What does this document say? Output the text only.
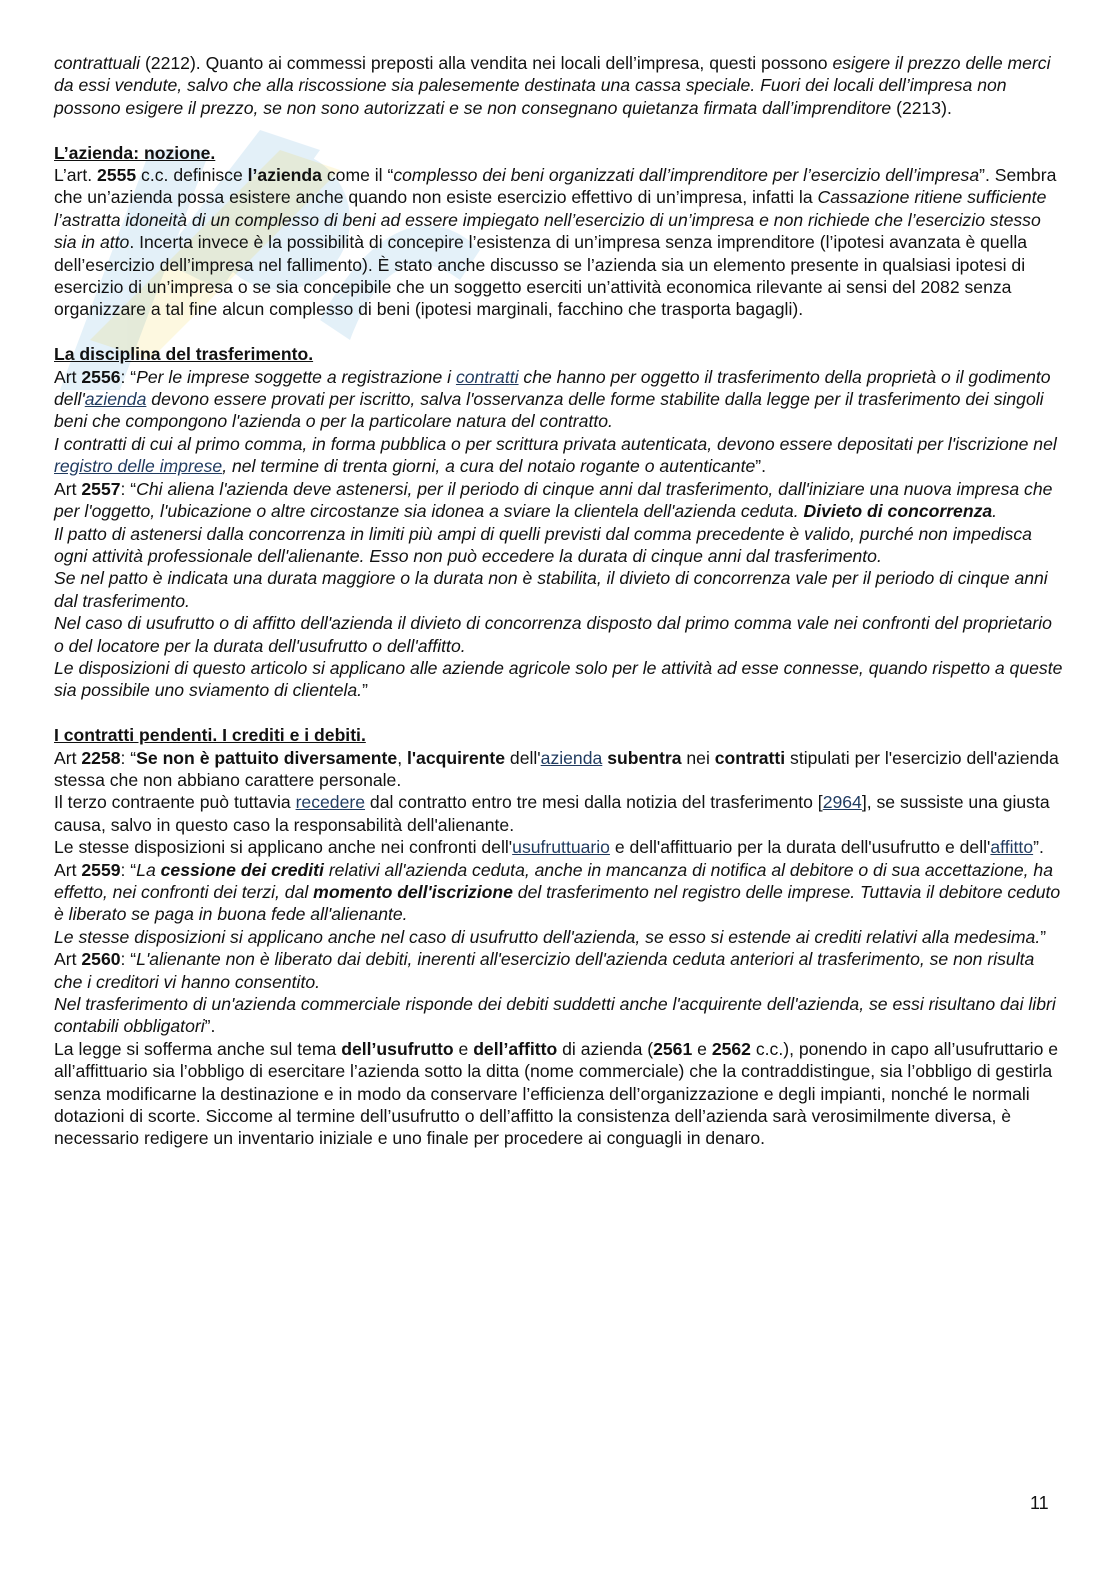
contrattuali (2212). Quanto ai commessi preposti alla vendita nei locali dell’impresa, questi possono esigere il prezzo delle merci da essi vendute, salvo che alla riscossione sia palesemente destinata una cassa speciale. Fuori dei locali dell’impresa non possono esigere il prezzo, se non sono autorizzati e se non consegnano quietanza firmata dall’imprenditore (2213).

L’azienda: nozione.

L’art. 2555 c.c. definisce l’azienda come il “complesso dei beni organizzati dall’imprenditore per l’esercizio dell’impresa”. Sembra che un’azienda possa esistere anche quando non esiste esercizio effettivo di un’impresa, infatti la Cassazione ritiene sufficiente l’astratta idoneità di un complesso di beni ad essere impiegato nell’esercizio di un’impresa e non richiede che l’esercizio stesso sia in atto. Incerta invece è la possibilità di concepire l’esistenza di un’impresa senza imprenditore (l’ipotesi avanzata è quella dell’esercizio dell’impresa nel fallimento). È stato anche discusso se l’azienda sia un elemento presente in qualsiasi ipotesi di esercizio di un’impresa o se sia concepibile che un soggetto eserciti un’attività economica rilevante ai sensi del 2082 senza organizzare a tal fine alcun complesso di beni (ipotesi marginali, facchino che trasporta bagagli).

La disciplina del trasferimento.

Art 2556: “Per le imprese soggette a registrazione i contratti che hanno per oggetto il trasferimento della proprietà o il godimento dell'azienda devono essere provati per iscritto, salva l'osservanza delle forme stabilite dalla legge per il trasferimento dei singoli beni che compongono l'azienda o per la particolare natura del contratto.

I contratti di cui al primo comma, in forma pubblica o per scrittura privata autenticata, devono essere depositati per l'iscrizione nel registro delle imprese, nel termine di trenta giorni, a cura del notaio rogante o autenticante”.

Art 2557: “Chi aliena l'azienda deve astenersi, per il periodo di cinque anni dal trasferimento, dall'iniziare una nuova impresa che per l'oggetto, l'ubicazione o altre circostanze sia idonea a sviare la clientela dell'azienda ceduta. Divieto di concorrenza.

Il patto di astenersi dalla concorrenza in limiti più ampi di quelli previsti dal comma precedente è valido, purché non impedisca ogni attività professionale dell'alienante. Esso non può eccedere la durata di cinque anni dal trasferimento.

Se nel patto è indicata una durata maggiore o la durata non è stabilita, il divieto di concorrenza vale per il periodo di cinque anni dal trasferimento.

Nel caso di usufrutto o di affitto dell'azienda il divieto di concorrenza disposto dal primo comma vale nei confronti del proprietario o del locatore per la durata dell'usufrutto o dell'affitto.

Le disposizioni di questo articolo si applicano alle aziende agricole solo per le attività ad esse connesse, quando rispetto a queste sia possibile uno sviamento di clientela.”

I contratti pendenti. I crediti e i debiti.

Art 2258: “Se non è pattuito diversamente, l'acquirente dell'azienda subentra nei contratti stipulati per l'esercizio dell'azienda stessa che non abbiano carattere personale.

Il terzo contraente può tuttavia recedere dal contratto entro tre mesi dalla notizia del trasferimento [2964], se sussiste una giusta causa, salvo in questo caso la responsabilità dell'alienante.

Le stesse disposizioni si applicano anche nei confronti dell'usufruttuario e dell'affittuario per la durata dell'usufrutto e dell'affitto”.

Art 2559: “La cessione dei crediti relativi all'azienda ceduta, anche in mancanza di notifica al debitore o di sua accettazione, ha effetto, nei confronti dei terzi, dal momento dell'iscrizione del trasferimento nel registro delle imprese. Tuttavia il debitore ceduto è liberato se paga in buona fede all'alienante.

Le stesse disposizioni si applicano anche nel caso di usufrutto dell'azienda, se esso si estende ai crediti relativi alla medesima.”

Art 2560: “L'alienante non è liberato dai debiti, inerenti all'esercizio dell'azienda ceduta anteriori al trasferimento, se non risulta che i creditori vi hanno consentito.

Nel trasferimento di un'azienda commerciale risponde dei debiti suddetti anche l'acquirente dell'azienda, se essi risultano dai libri contabili obbligatori”.

La legge si sofferma anche sul tema dell’usufrutto e dell’affitto di azienda (2561 e 2562 c.c.), ponendo in capo all’usufruttario e all’affittuario sia l’obbligo di esercitare l’azienda sotto la ditta (nome commerciale) che la contraddistingue, sia l’obbligo di gestirla senza modificarne la destinazione e in modo da conservare l’efficienza dell’organizzazione e degli impianti, nonché le normali dotazioni di scorte. Siccome al termine dell’usufrutto o dell’affitto la consistenza dell’azienda sarà verosimilmente diversa, è necessario redigere un inventario iniziale e uno finale per procedere ai conguagli in denaro.

11
